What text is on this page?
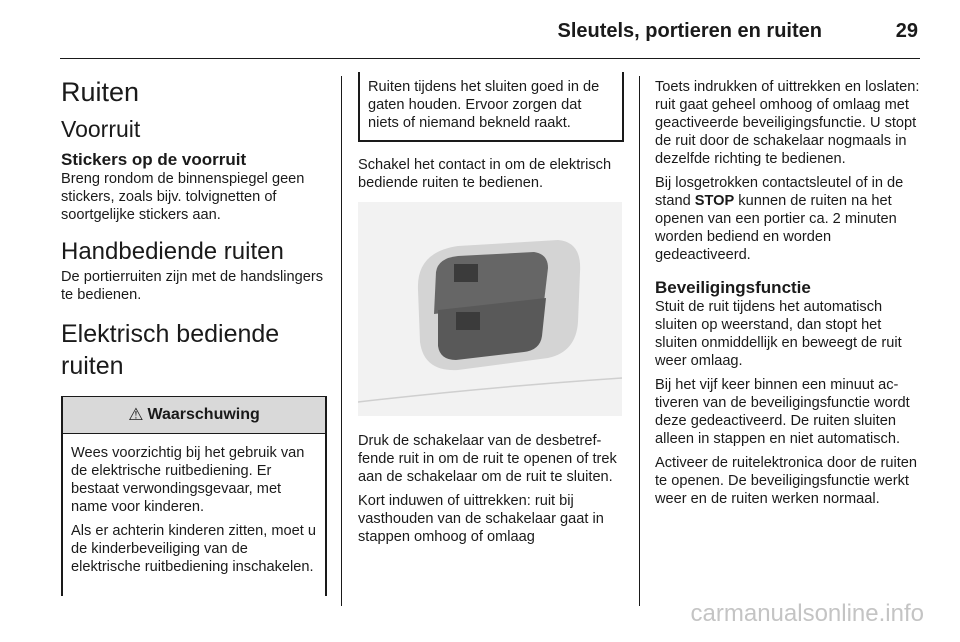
Sleutels, portieren en ruiten	29
Ruiten
Voorruit
Stickers op de voorruit

Breng rondom de binnenspiegel geen stickers, zoals bijv. tolvignetten of soortgelijke stickers aan.

Handbediende ruiten

De portierruiten zijn met de handslingers te bedienen.

Elektrisch bediende ruiten
⚠ Waarschuwing

Wees voorzichtig bij het gebruik van de elektrische ruitbediening. Er bestaat verwondingsgevaar, met name voor kinderen.

Als er achterin kinderen zitten, moet u de kinderbeveiliging van de elektrische ruitbediening inschakelen.

Ruiten tijdens het sluiten goed in de gaten houden. Ervoor zorgen dat niets of niemand bekneld raakt.

Schakel het contact in om de elektrisch bediende ruiten te bedienen.

Druk de schakelaar van de desbetreffende ruit in om de ruit te openen of trek aan de schakelaar om de ruit te sluiten.

Kort induwen of uittrekken: ruit bij vasthouden van de schakelaar gaat in stappen omhoog of omlaag

Toets indrukken of uittrekken en loslaten: ruit gaat geheel omhoog of omlaag met geactiveerde beveiligingsfunctie. U stopt de ruit door de schakelaar nogmaals in dezelfde richting te bedienen.

Bij losgetrokken contactsleutel of in de stand STOP kunnen de ruiten na het openen van een portier ca. 2 minuten worden bediend en worden gedeactiveerd.

Beveiligingsfunctie

Stuit de ruit tijdens het automatisch sluiten op weerstand, dan stopt het sluiten onmiddellijk en beweegt de ruit weer omlaag.

Bij het vijf keer binnen een minuut activeren van de beveiligingsfunctie wordt deze gedeactiveerd. De ruiten sluiten alleen in stappen en niet automatisch.

Activeer de ruitelektronica door de ruiten te openen. De beveiligingsfunctie werkt weer en de ruiten werken normaal.

carmanualsonline.info
